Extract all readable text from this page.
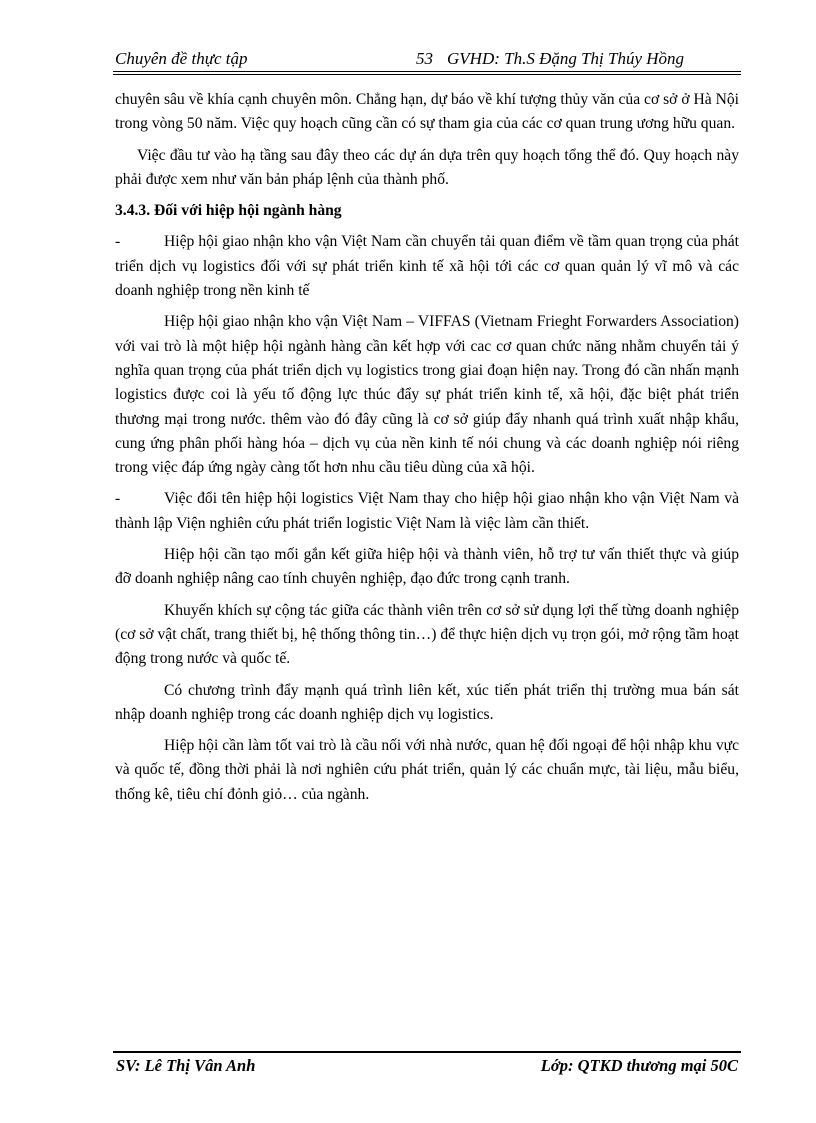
Chuyên đề thực tập	53 GVHD: Th.S Đặng Thị Thúy Hồng

chuyên sâu về khía cạnh chuyên môn. Chẳng hạn, dự báo về khí tượng thủy văn của cơ sở ở Hà Nội trong vòng 50 năm. Việc quy hoạch cũng cần có sự tham gia của các cơ quan trung ương hữu quan.

Việc đầu tư vào hạ tầng sau đây theo các dự án dựa trên quy hoạch tổng thể đó. Quy hoạch này phải được xem như văn bản pháp lệnh của thành phố.

3.4.3. Đối với hiệp hội ngành hàng

-	Hiệp hội giao nhận kho vận Việt Nam cần chuyển tải quan điểm về tầm quan trọng của phát triển dịch vụ logistics đối với sự phát triển kinh tế xã hội tới các cơ quan quản lý vĩ mô và các doanh nghiệp trong nền kinh tế

Hiệp hội giao nhận kho vận Việt Nam – VIFFAS (Vietnam Frieght Forwarders Association) với vai trò là một hiệp hội ngành hàng cần kết hợp với cac cơ quan chức năng nhằm chuyển tải ý nghĩa quan trọng của phát triển dịch vụ logistics trong giai đoạn hiện nay. Trong đó cần nhấn mạnh logistics được coi là yếu tố động lực thúc đẩy sự phát triển kinh tế, xã hội, đặc biệt phát triển thương mại trong nước. thêm vào đó đây cũng là cơ sở giúp đẩy nhanh quá trình xuất nhập khẩu, cung ứng phân phối hàng hóa – dịch vụ của nền kinh tế nói chung và các doanh nghiệp nói riêng trong việc đáp ứng ngày càng tốt hơn nhu cầu tiêu dùng của xã hội.

-	Việc đổi tên hiệp hội logistics Việt Nam thay cho hiệp hội giao nhận kho vận Việt Nam và thành lập Viện nghiên cứu phát triển logistic Việt Nam là việc làm cần thiết.

Hiệp hội cần tạo mối gắn kết giữa hiệp hội và thành viên, hỗ trợ tư vấn thiết thực và giúp đỡ doanh nghiệp nâng cao tính chuyên nghiệp, đạo đức trong cạnh tranh.

Khuyến khích sự cộng tác giữa các thành viên trên cơ sở sử dụng lợi thế từng doanh nghiệp (cơ sở vật chất, trang thiết bị, hệ thống thông tin…) để thực hiện dịch vụ trọn gói, mở rộng tầm hoạt động trong nước và quốc tế.

Có chương trình đẩy mạnh quá trình liên kết, xúc tiến phát triển thị trường mua bán sát nhập doanh nghiệp trong các doanh nghiệp dịch vụ logistics.

Hiệp hội cần làm tốt vai trò là cầu nối với nhà nước, quan hệ đối ngoại để hội nhập khu vực và quốc tế, đồng thời phải là nơi nghiên cứu phát triển, quản lý các chuẩn mực, tài liệu, mẫu biểu, thống kê, tiêu chí đỏnh giỏ… của ngành.

SV: Lê Thị Vân Anh	Lớp: QTKD thương mại 50C
